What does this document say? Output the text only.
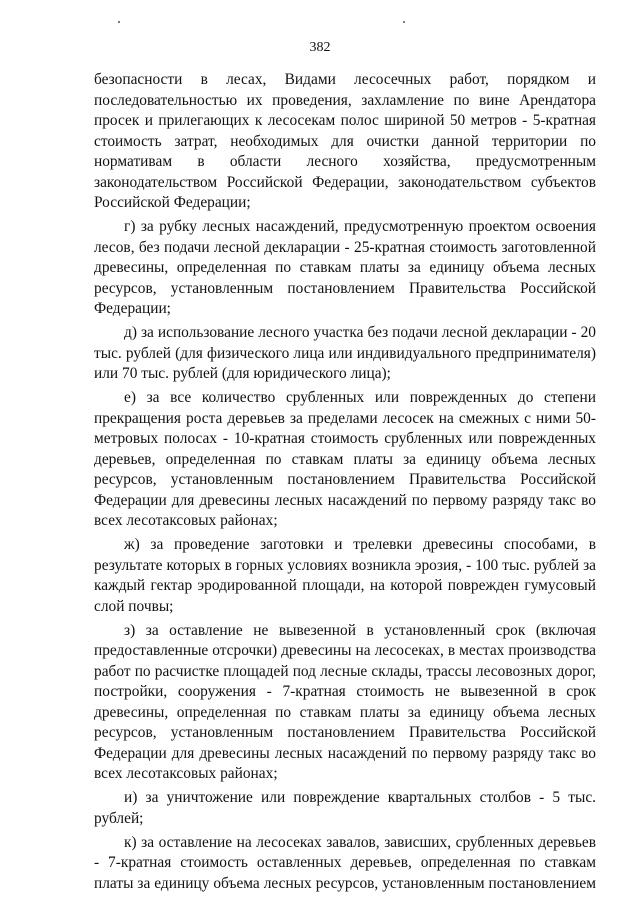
382

безопасности в лесах, Видами лесосечных работ, порядком и последовательностью их проведения, захламление по вине Арендатора просек и прилегающих к лесосекам полос шириной 50 метров - 5-кратная стоимость затрат, необходимых для очистки данной территории по нормативам в области лесного хозяйства, предусмотренным законодательством Российской Федерации, законодательством субъектов Российской Федерации;

г) за рубку лесных насаждений, предусмотренную проектом освоения лесов, без подачи лесной декларации - 25-кратная стоимость заготовленной древесины, определенная по ставкам платы за единицу объема лесных ресурсов, установленным постановлением Правительства Российской Федерации;

д) за использование лесного участка без подачи лесной декларации - 20 тыс. рублей (для физического лица или индивидуального предпринимателя) или 70 тыс. рублей (для юридического лица);

е) за все количество срубленных или поврежденных до степени прекращения роста деревьев за пределами лесосек на смежных с ними 50-метровых полосах - 10-кратная стоимость срубленных или поврежденных деревьев, определенная по ставкам платы за единицу объема лесных ресурсов, установленным постановлением Правительства Российской Федерации для древесины лесных насаждений по первому разряду такс во всех лесотаксовых районах;

ж) за проведение заготовки и трелевки древесины способами, в результате которых в горных условиях возникла эрозия, - 100 тыс. рублей за каждый гектар эродированной площади, на которой поврежден гумусовый слой почвы;

з) за оставление не вывезенной в установленный срок (включая предоставленные отсрочки) древесины на лесосеках, в местах производства работ по расчистке площадей под лесные склады, трассы лесовозных дорог, постройки, сооружения - 7-кратная стоимость не вывезенной в срок древесины, определенная по ставкам платы за единицу объема лесных ресурсов, установленным постановлением Правительства Российской Федерации для древесины лесных насаждений по первому разряду такс во всех лесотаксовых районах;

и) за уничтожение или повреждение квартальных столбов - 5 тыс. рублей;

к) за оставление на лесосеках завалов, зависших, срубленных деревьев - 7-кратная стоимость оставленных деревьев, определенная по ставкам платы за единицу объема лесных ресурсов, установленным постановлением
